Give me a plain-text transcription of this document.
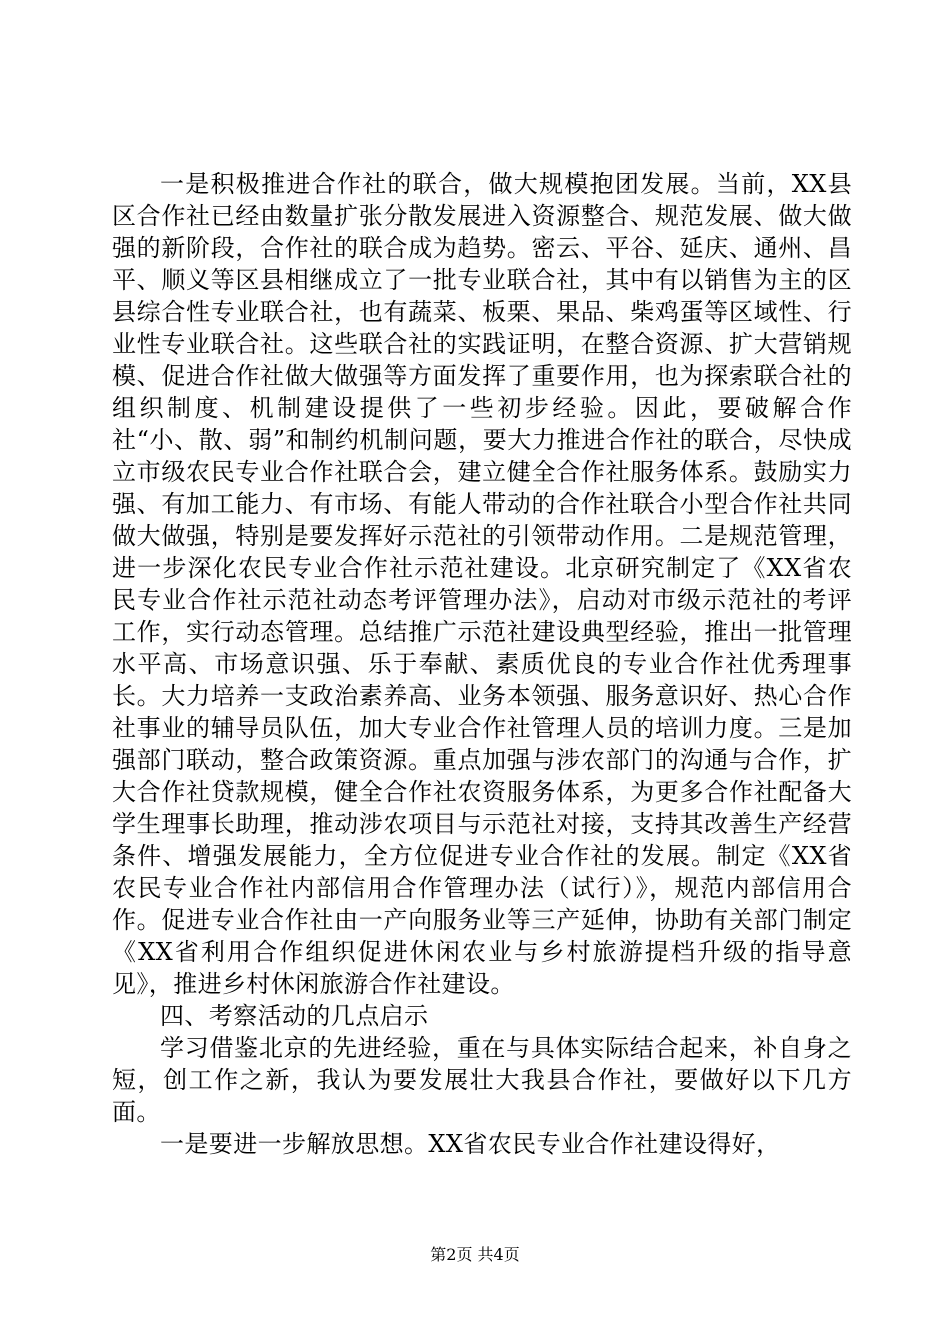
一是积极推进合作社的联合，做大规模抱团发展。当前，XX县区合作社已经由数量扩张分散发展进入资源整合、规范发展、做大做强的新阶段，合作社的联合成为趋势。密云、平谷、延庆、通州、昌平、顺义等区县相继成立了一批专业联合社，其中有以销售为主的区县综合性专业联合社，也有蔬菜、板栗、果品、柴鸡蛋等区域性、行业性专业联合社。这些联合社的实践证明，在整合资源、扩大营销规模、促进合作社做大做强等方面发挥了重要作用，也为探索联合社的组织制度、机制建设提供了一些初步经验。因此，要破解合作社“小、散、弱”和制约机制问题，要大力推进合作社的联合，尽快成立市级农民专业合作社联合会，建立健全合作社服务体系。鼓励实力强、有加工能力、有市场、有能人带动的合作社联合小型合作社共同做大做强，特别是要发挥好示范社的引领带动作用。二是规范管理，进一步深化农民专业合作社示范社建设。北京研究制定了《XX省农民专业合作社示范社动态考评管理办法》，启动对市级示范社的考评工作，实行动态管理。总结推广示范社建设典型经验，推出一批管理水平高、市场意识强、乐于奉献、素质优良的专业合作社优秀理事长。大力培养一支政治素养高、业务本领强、服务意识好、热心合作社事业的辅导员队伍，加大专业合作社管理人员的培训力度。三是加强部门联动，整合政策资源。重点加强与涉农部门的沟通与合作，扩大合作社贷款规模，健全合作社农资服务体系，为更多合作社配备大学生理事长助理，推动涉农项目与示范社对接，支持其改善生产经营条件、增强发展能力，全方位促进专业合作社的发展。制定《XX省农民专业合作社内部信用合作管理办法（试行）》，规范内部信用合作。促进专业合作社由一产向服务业等三产延伸，协助有关部门制定《XX省利用合作组织促进休闲农业与乡村旅游提档升级的指导意见》，推进乡村休闲旅游合作社建设。

四、考察活动的几点启示

学习借鉴北京的先进经验，重在与具体实际结合起来，补自身之短，创工作之新，我认为要发展壮大我县合作社，要做好以下几方面。

一是要进一步解放思想。XX省农民专业合作社建设得好，

第2页 共4页
